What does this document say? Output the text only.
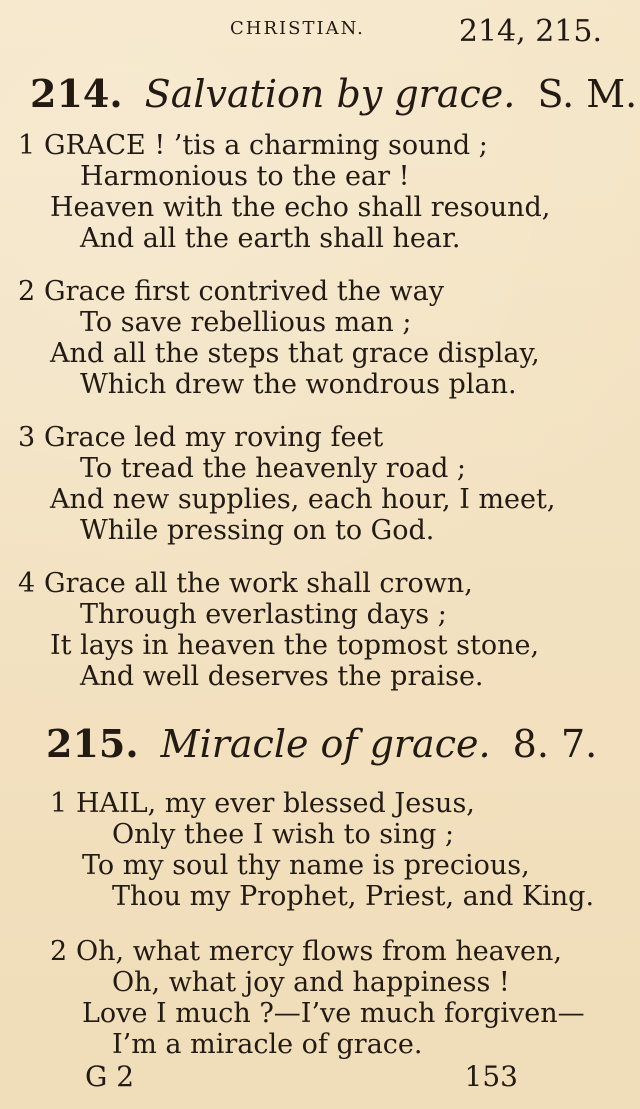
CHRISTIAN.	214, 215.
214. Salvation by grace. S. M.
1 GRACE ! ’tis a charming sound ;
Harmonious to the ear !
Heaven with the echo shall resound,
And all the earth shall hear.
2 Grace first contrived the way
To save rebellious man ;
And all the steps that grace display,
Which drew the wondrous plan.
3 Grace led my roving feet
To tread the heavenly road ;
And new supplies, each hour, I meet,
While pressing on to God.
4 Grace all the work shall crown,
Through everlasting days ;
It lays in heaven the topmost stone,
And well deserves the praise.
215. Miracle of grace. 8. 7.
1 HAIL, my ever blessed Jesus,
Only thee I wish to sing ;
To my soul thy name is precious,
Thou my Prophet, Priest, and King.
2 Oh, what mercy flows from heaven,
Oh, what joy and happiness !
Love I much ?—I’ve much forgiven—
I’m a miracle of grace.
G 2	153
